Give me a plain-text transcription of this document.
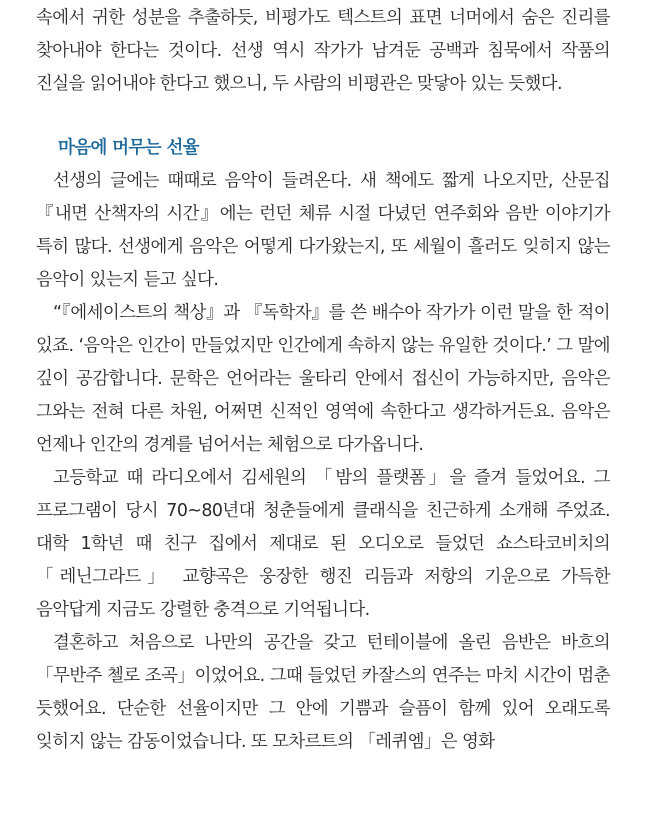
속에서 귀한 성분을 추출하듯, 비평가도 텍스트의 표면 너머에서 숨은 진리를 찾아내야 한다는 것이다. 선생 역시 작가가 남겨둔 공백과 침묵에서 작품의 진실을 읽어내야 한다고 했으니, 두 사람의 비평관은 맞닿아 있는 듯했다.

마음에 머무는 선율

선생의 글에는 때때로 음악이 들려온다. 새 책에도 짧게 나오지만, 산문집 『내면 산책자의 시간』에는 런던 체류 시절 다녔던 연주회와 음반 이야기가 특히 많다. 선생에게 음악은 어떻게 다가왔는지, 또 세월이 흘러도 잊히지 않는 음악이 있는지 듣고 싶다.

“『에세이스트의 책상』과 『독학자』를 쓴 배수아 작가가 이런 말을 한 적이 있죠. ‘음악은 인간이 만들었지만 인간에게 속하지 않는 유일한 것이다.’ 그 말에 깊이 공감합니다. 문학은 언어라는 울타리 안에서 접신이 가능하지만, 음악은 그와는 전혀 다른 차원, 어쩌면 신적인 영역에 속한다고 생각하거든요. 음악은 언제나 인간의 경계를 넘어서는 체험으로 다가옵니다.

고등학교 때 라디오에서 김세원의 「밤의 플랫폼」을 즐겨 들었어요. 그 프로그램이 당시 70~80년대 청춘들에게 클래식을 친근하게 소개해 주었죠. 대학 1학년 때 친구 집에서 제대로 된 오디오로 들었던 쇼스타코비치의 「레닌그라드」 교향곡은 웅장한 행진 리듬과 저항의 기운으로 가득한 음악답게 지금도 강렬한 충격으로 기억됩니다.

결혼하고 처음으로 나만의 공간을 갖고 턴테이블에 올린 음반은 바흐의 「무반주 첼로 조곡」이었어요. 그때 들었던 카잘스의 연주는 마치 시간이 멈춘 듯했어요. 단순한 선율이지만 그 안에 기쁨과 슬픔이 함께 있어 오래도록 잊히지 않는 감동이었습니다. 또 모차르트의 「레퀴엠」은 영화
